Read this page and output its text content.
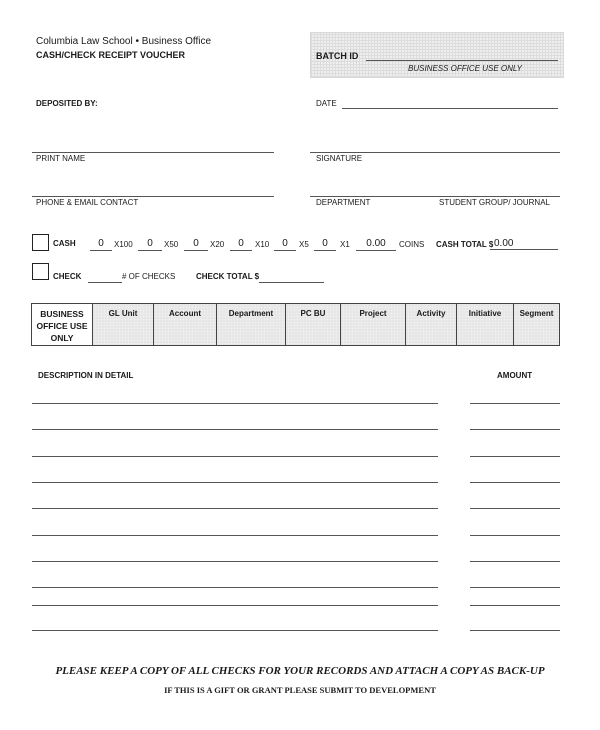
Columbia Law School • Business Office
CASH/CHECK RECEIPT VOUCHER	BATCH ID
BUSINESS OFFICE USE ONLY
DEPOSITED BY:	DATE
PRINT NAME	SIGNATURE
PHONE & EMAIL CONTACT	DEPARTMENT	STUDENT GROUP/ JOURNAL
CASH	0	X100	0	X50	0	X20	0	X10	0	X5	0	X1	0.00	COINS CASH TOTAL $ 0.00
CHECK	# OF CHECKS	CHECK TOTAL $
BUSINESS
OFFICE USE
ONLY	GL Unit	Account	Department	PC BU	Project	Activity	Initiative	Segment
DESCRIPTION IN DETAIL	AMOUNT
PLEASE KEEP A COPY OF ALL CHECKS FOR YOUR RECORDS AND ATTACH A COPY AS BACK-UP
IF THIS IS A GIFT OR GRANT PLEASE SUBMIT TO DEVELOPMENT
